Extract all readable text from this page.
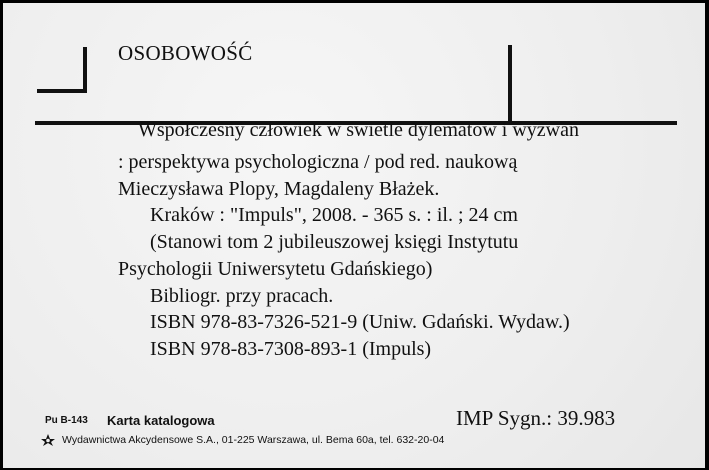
OSOBOWOŚĆ
Współczesny człowiek w świetle dylematów i wyzwań
: perspektywa psychologiczna / pod red. naukową
Mieczysława Plopy, Magdaleny Błażek.
Kraków : "Impuls", 2008. - 365 s. : il. ; 24 cm
(Stanowi tom 2 jubileuszowej księgi Instytutu
Psychologii Uniwersytetu Gdańskiego)
Bibliogr. przy pracach.
ISBN 978-83-7326-521-9 (Uniw. Gdański. Wydaw.)
ISBN 978-83-7308-893-1 (Impuls)
Pu B-143 Karta katalogowa	IMP Sygn.: 39.983
Wydawnictwa Akcydensowe S.A., 01-225 Warszawa, ul. Bema 60a, tel. 632-20-04
